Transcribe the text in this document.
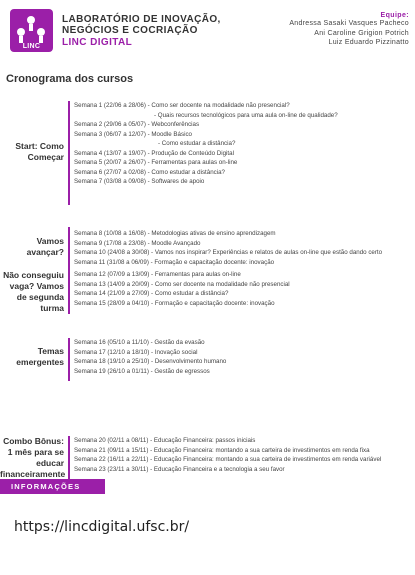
LINC
LABORATÓRIO DE INOVAÇÃO, NEGÓCIOS E COCRIAÇÃO
LINC DIGITAL
Equipe:
Andressa Sasaki Vasques Pacheco
Ani Caroline Grigion Potrich
Luiz Eduardo Pizzinatto
Cronograma dos cursos
Start: Como Começar
Semana 1 (22/06 a 28/06) - Como ser docente na modalidade não presencial?
- Quais recursos tecnológicos para uma aula on-line de qualidade?
Semana 2 (29/06 a 05/07) - Webconferências
Semana 3 (06/07 a 12/07) - Moodle Básico
- Como estudar a distância?
Semana 4 (13/07 a 19/07) - Produção de Conteúdo Digital
Semana 5 (20/07 a 26/07) - Ferramentas para aulas on-line
Semana 6 (27/07 a 02/08) - Como estudar a distância?
Semana 7 (03/08 a 09/08) - Softwares de apoio
Vamos avançar?
Semana 8 (10/08 a 16/08) - Metodologias ativas de ensino aprendizagem
Semana 9 (17/08 a 23/08) - Moodle Avançado
Semana 10 (24/08 a 30/08) - Vamos nos inspirar? Experiências e relatos de aulas on-line que estão dando certo
Semana 11 (31/08 a 06/09) - Formação e capacitação docente: inovação
Não conseguiu vaga? Vamos de segunda turma
Semana 12 (07/09 a 13/09) - Ferramentas para aulas on-line
Semana 13 (14/09 a 20/09) - Como ser docente na modalidade não presencial
Semana 14 (21/09 a 27/09) - Como estudar a distância?
Semana 15 (28/09 a 04/10) - Formação e capacitação docente: inovação
Temas emergentes
Semana 16 (05/10 a 11/10) - Gestão da evasão
Semana 17 (12/10 a 18/10) - Inovação social
Semana 18 (19/10 a 25/10) - Desenvolvimento humano
Semana 19 (26/10 a 01/11) - Gestão de egressos
Combo Bônus: 1 mês para se educar financeiramente
Semana 20 (02/11 a 08/11) - Educação Financeira: passos iniciais
Semana 21 (09/11 a 15/11) - Educação Financeira: montando a sua carteira de investimentos em renda fixa
Semana 22 (16/11 a 22/11) - Educação Financeira: montando a sua carteira de investimentos em renda variável
Semana 23 (23/11 a 30/11) - Educação Financeira e a tecnologia a seu favor
INFORMAÇÕES
https://lincdigital.ufsc.br/
